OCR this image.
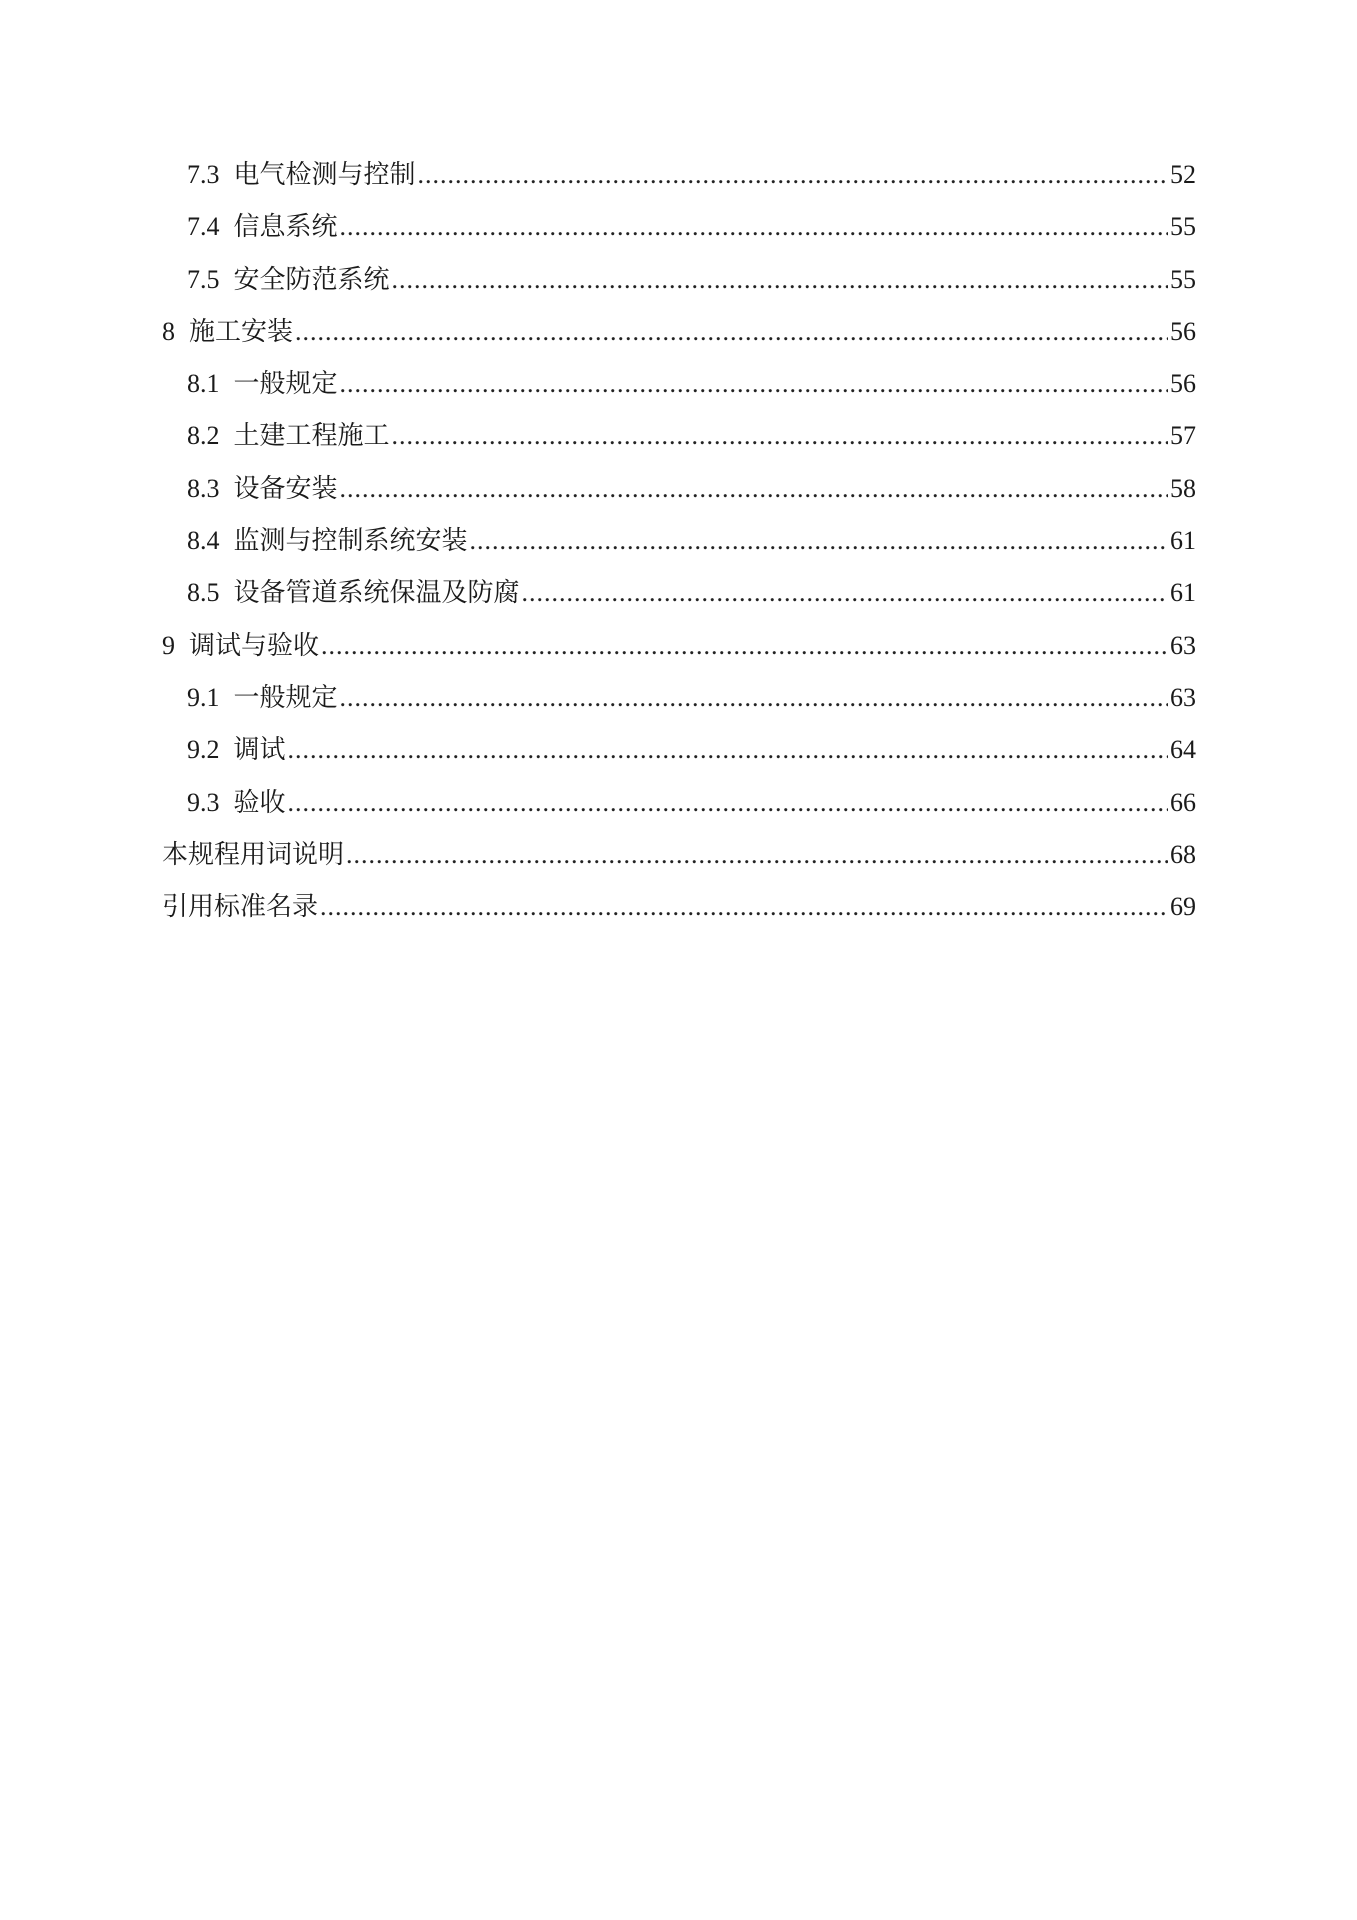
7.3 电气检测与控制 .....	52
7.4 信息系统 .....	55
7.5 安全防范系统 .....	55
8 施工安装 .....	56
8.1 一般规定 .....	56
8.2 土建工程施工 .....	57
8.3 设备安装 .....	58
8.4 监测与控制系统安装 .....	61
8.5 设备管道系统保温及防腐 .....	61
9 调试与验收 .....	63
9.1 一般规定 .....	63
9.2 调试 .....	64
9.3 验收 .....	66
本规程用词说明 .....	68
引用标准名录 .....	69
